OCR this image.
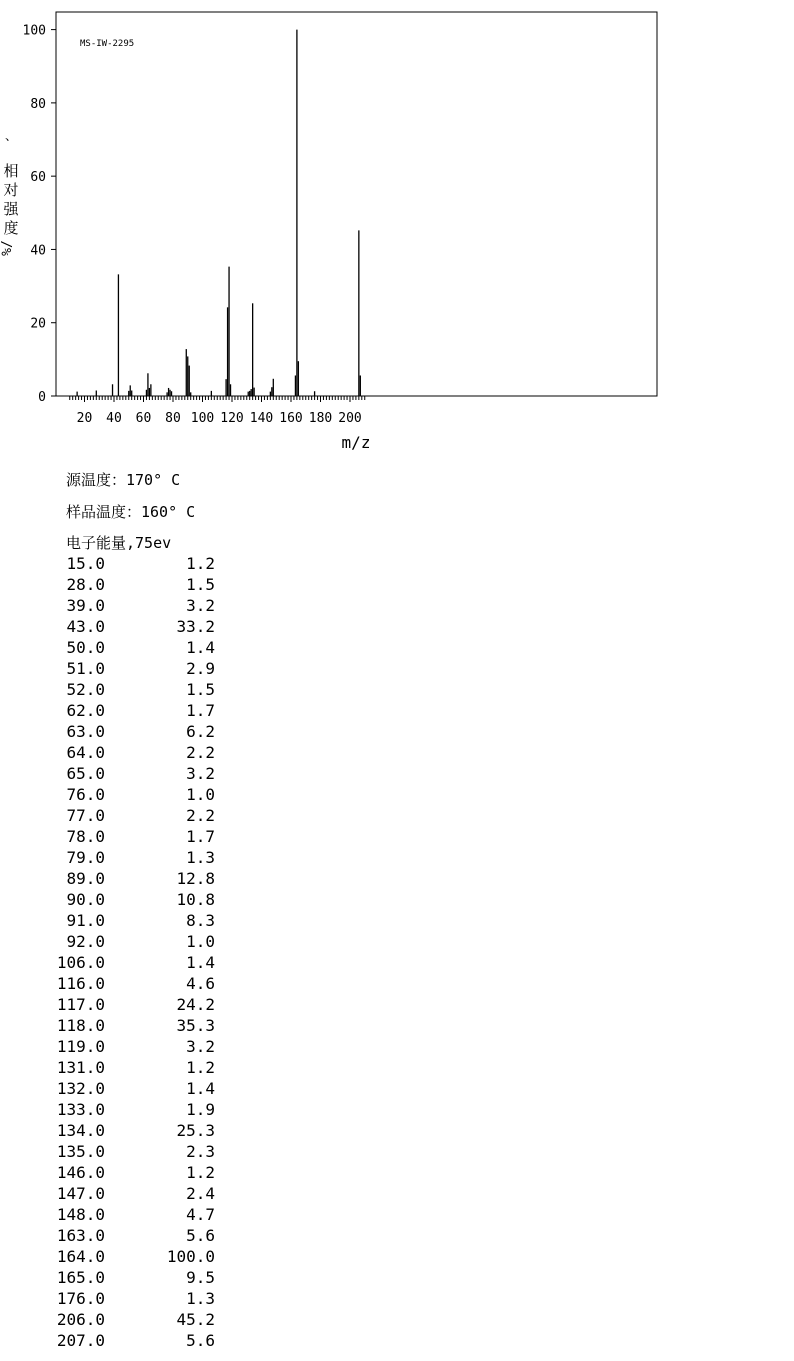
MS-IW-2295
、
相
对
强
度
%/
m/z
0
20
40
60
80
100
20 40 60 80 100 120 140 160 180 200
源温度：170° C
样品温度：160° C
电子能量,75ev
15.0	1.2
28.0	1.5
39.0	3.2
43.0	33.2
50.0	1.4
51.0	2.9
52.0	1.5
62.0	1.7
63.0	6.2
64.0	2.2
65.0	3.2
76.0	1.0
77.0	2.2
78.0	1.7
79.0	1.3
89.0	12.8
90.0	10.8
91.0	8.3
92.0	1.0
106.0	1.4
116.0	4.6
117.0	24.2
118.0	35.3
119.0	3.2
131.0	1.2
132.0	1.4
133.0	1.9
134.0	25.3
135.0	2.3
146.0	1.2
147.0	2.4
148.0	4.7
163.0	5.6
164.0	100.0
165.0	9.5
176.0	1.3
206.0	45.2
207.0	5.6
